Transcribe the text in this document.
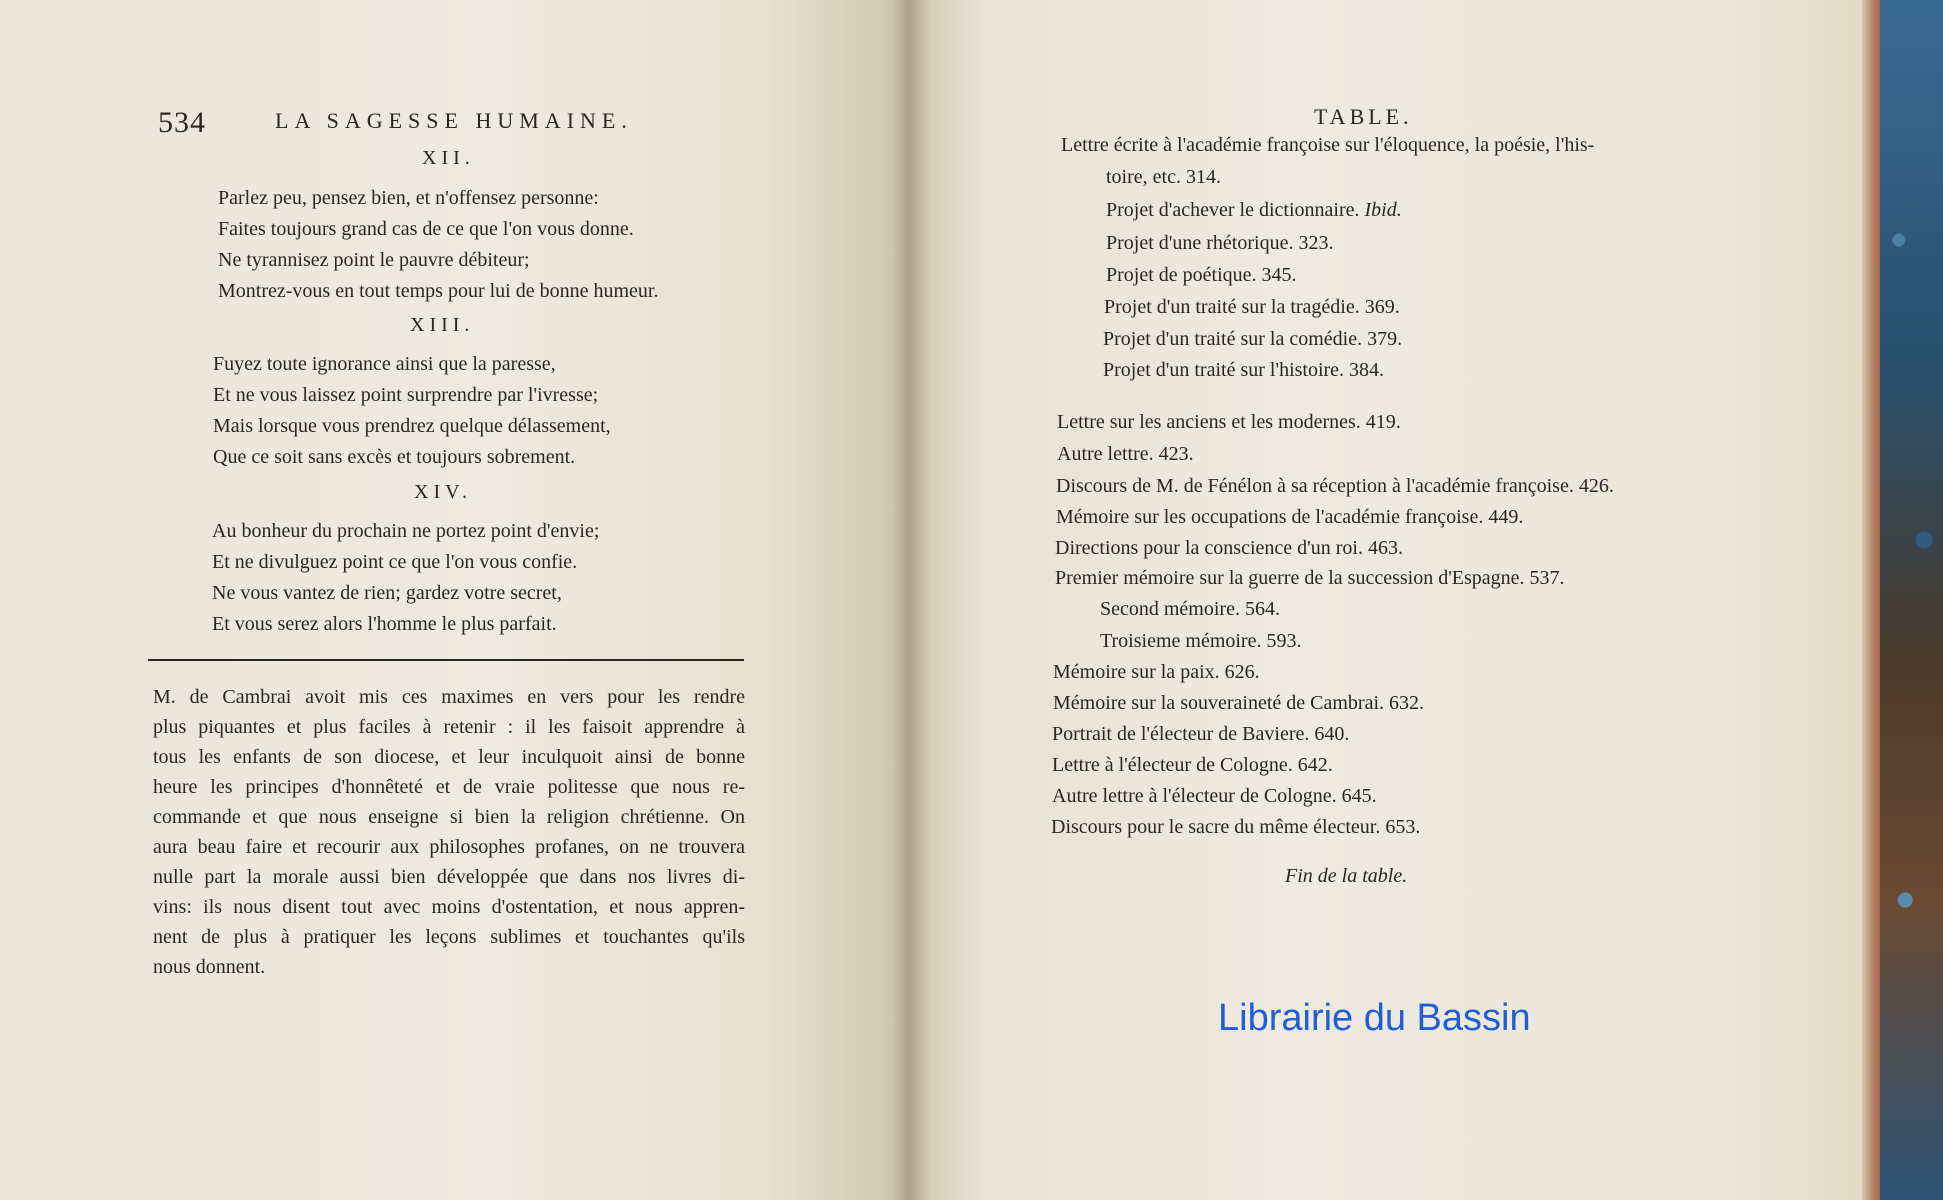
534	LA SAGESSE HUMAINE.
XII.
Parlez peu, pensez bien, et n'offensez personne:
Faites toujours grand cas de ce que l'on vous donne.
Ne tyrannisez point le pauvre débiteur;
Montrez-vous en tout temps pour lui de bonne humeur.
XIII.
Fuyez toute ignorance ainsi que la paresse,
Et ne vous laissez point surprendre par l'ivresse;
Mais lorsque vous prendrez quelque délassement,
Que ce soit sans excès et toujours sobrement.
XIV.
Au bonheur du prochain ne portez point d'envie;
Et ne divulguez point ce que l'on vous confie.
Ne vous vantez de rien; gardez votre secret,
Et vous serez alors l'homme le plus parfait.
M. de Cambrai avoit mis ces maximes en vers pour les rendre
plus piquantes et plus faciles à retenir : il les faisoit apprendre à
tous les enfants de son diocese, et leur inculquoit ainsi de bonne
heure les principes d'honnêteté et de vraie politesse que nous re-
commande et que nous enseigne si bien la religion chrétienne. On
aura beau faire et recourir aux philosophes profanes, on ne trouvera
nulle part la morale aussi bien développée que dans nos livres di-
vins: ils nous disent tout avec moins d'ostentation, et nous appren-
nent de plus à pratiquer les leçons sublimes et touchantes qu'ils
nous donnent.
TABLE.
Lettre écrite à l'académie françoise sur l'éloquence, la poésie, l'his-
toire, etc. 314.
Projet d'achever le dictionnaire. Ibid.
Projet d'une rhétorique. 323.
Projet de poétique. 345.
Projet d'un traité sur la tragédie. 369.
Projet d'un traité sur la comédie. 379.
Projet d'un traité sur l'histoire. 384.
Lettre sur les anciens et les modernes. 419.
Autre lettre. 423.
Discours de M. de Fénélon à sa réception à l'académie françoise. 426.
Mémoire sur les occupations de l'académie françoise. 449.
Directions pour la conscience d'un roi. 463.
Premier mémoire sur la guerre de la succession d'Espagne. 537.
Second mémoire. 564.
Troisieme mémoire. 593.
Mémoire sur la paix. 626.
Mémoire sur la souveraineté de Cambrai. 632.
Portrait de l'électeur de Baviere. 640.
Lettre à l'électeur de Cologne. 642.
Autre lettre à l'électeur de Cologne. 645.
Discours pour le sacre du même électeur. 653.
Fin de la table.
Librairie du Bassin
